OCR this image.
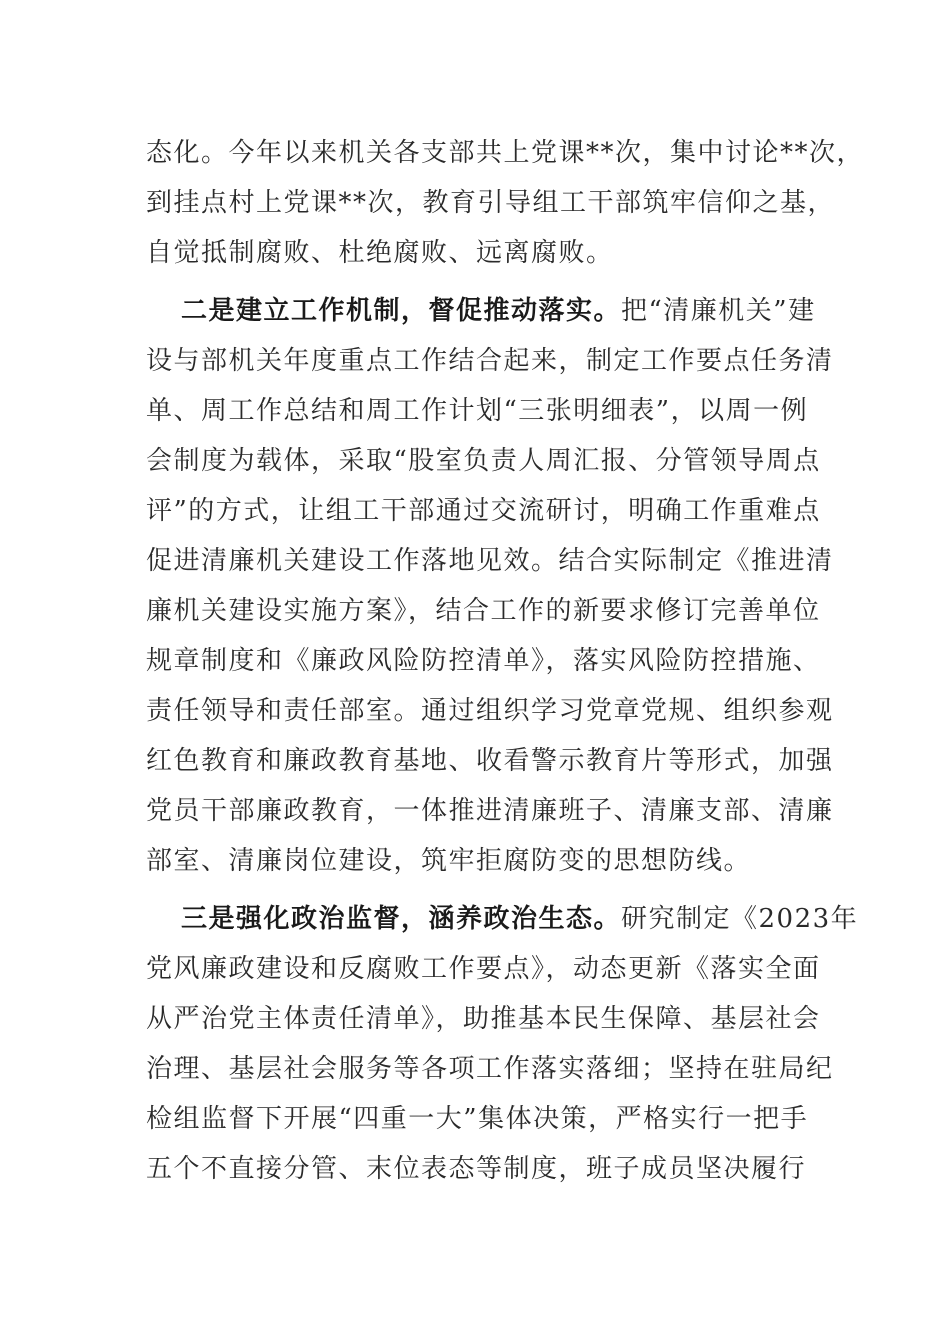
态化。今年以来机关各支部共上党课**次，集中讨论**次，
到挂点村上党课**次，教育引导组工干部筑牢信仰之基，
自觉抵制腐败、杜绝腐败、远离腐败。
二是建立工作机制，督促推动落实。把“清廉机关”建
设与部机关年度重点工作结合起来，制定工作要点任务清
单、周工作总结和周工作计划“三张明细表”，以周一例
会制度为载体，采取“股室负责人周汇报、分管领导周点
评”的方式，让组工干部通过交流研讨，明确工作重难点
促进清廉机关建设工作落地见效。结合实际制定《推进清
廉机关建设实施方案》，结合工作的新要求修订完善单位
规章制度和《廉政风险防控清单》，落实风险防控措施、
责任领导和责任部室。通过组织学习党章党规、组织参观
红色教育和廉政教育基地、收看警示教育片等形式，加强
党员干部廉政教育，一体推进清廉班子、清廉支部、清廉
部室、清廉岗位建设，筑牢拒腐防变的思想防线。
三是强化政治监督，涵养政治生态。研究制定《2023年
党风廉政建设和反腐败工作要点》，动态更新《落实全面
从严治党主体责任清单》，助推基本民生保障、基层社会
治理、基层社会服务等各项工作落实落细；坚持在驻局纪
检组监督下开展“四重一大”集体决策，严格实行一把手
五个不直接分管、末位表态等制度，班子成员坚决履行
